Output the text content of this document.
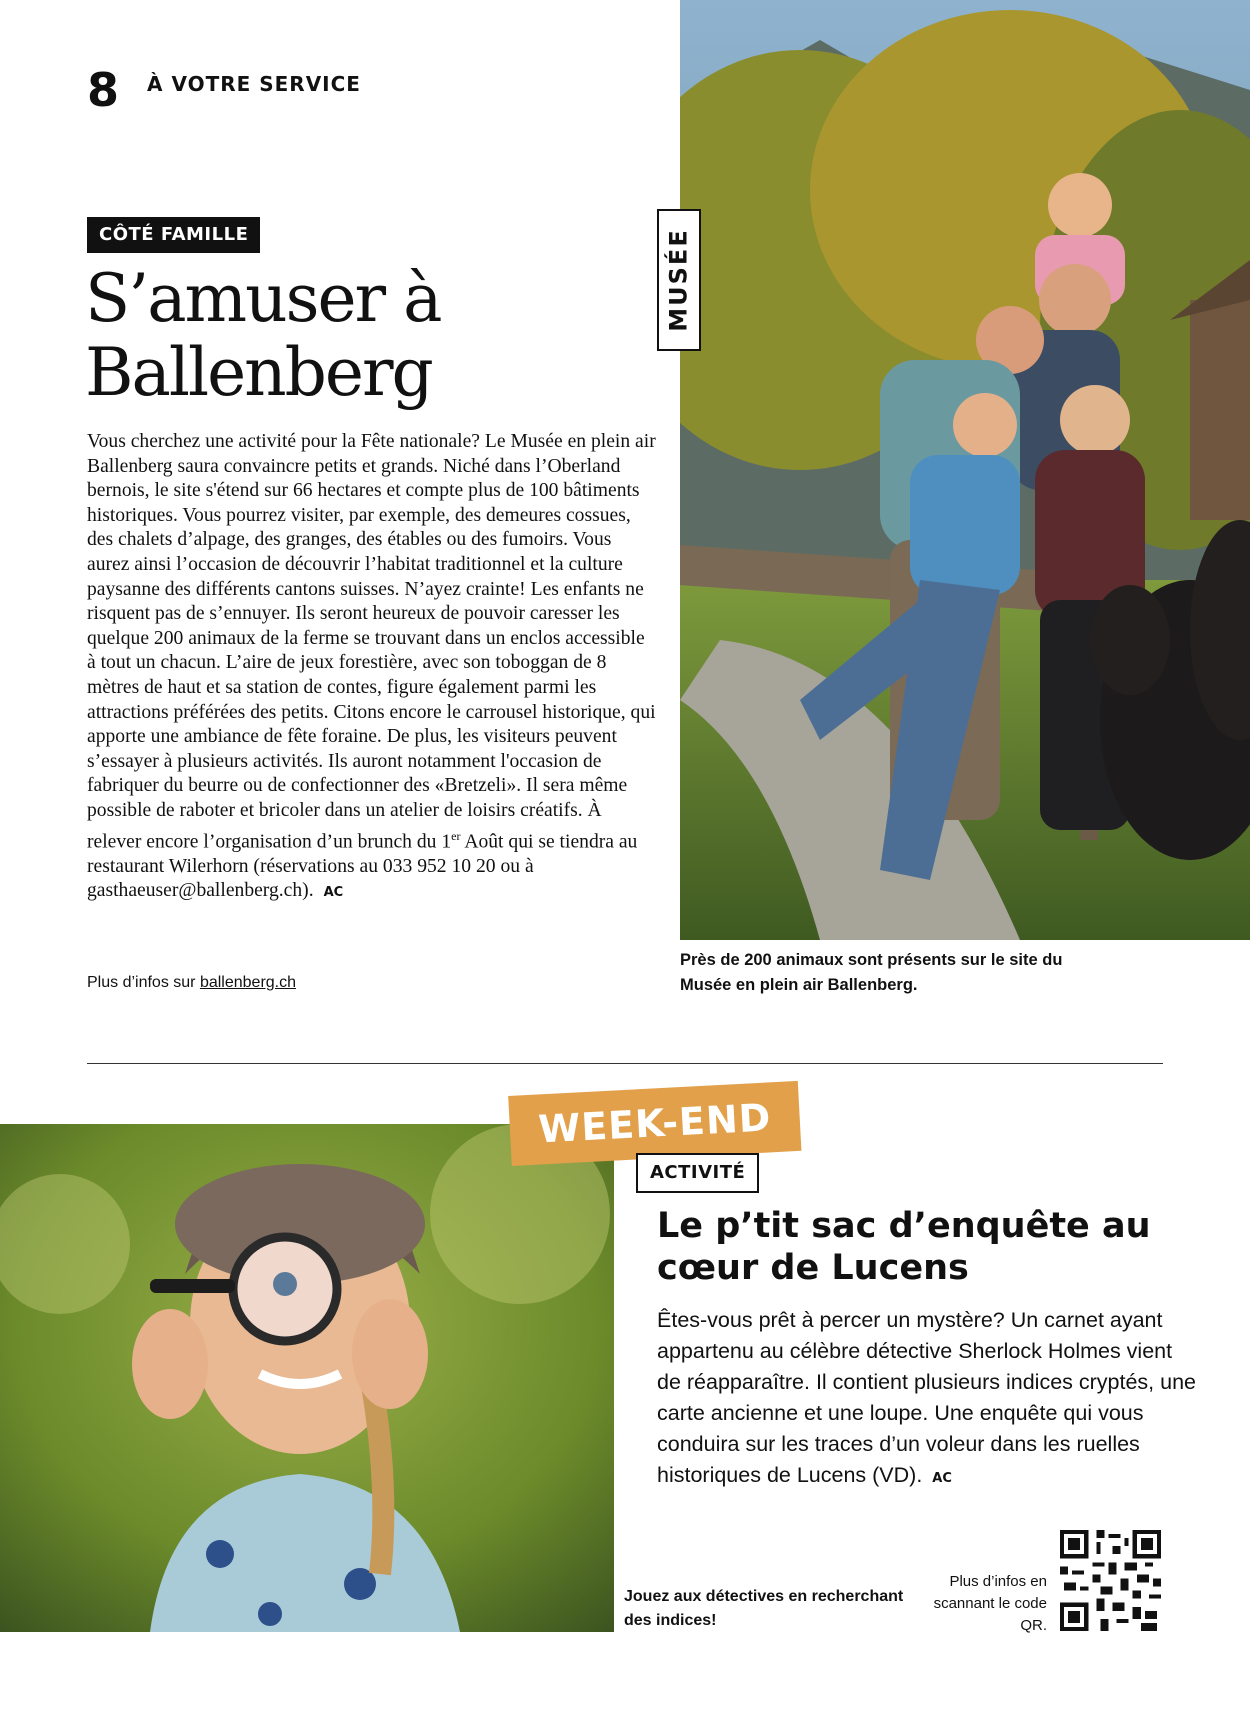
8 À VOTRE SERVICE
CÔTÉ FAMILLE
S’amuser à Ballenberg

Vous cherchez une activité pour la Fête nationale? Le Musée en plein air Ballenberg saura convaincre petits et grands. Niché dans l’Oberland bernois, le site s'étend sur 66 hectares et compte plus de 100 bâtiments historiques. Vous pourrez visiter, par exemple, des demeures cossues, des chalets d’alpage, des granges, des étables ou des fumoirs. Vous aurez ainsi l’occasion de découvrir l’habitat traditionnel et la culture paysanne des différents cantons suisses. N’ayez crainte! Les enfants ne risquent pas de s’ennuyer. Ils seront heureux de pouvoir caresser les quelque 200 animaux de la ferme se trouvant dans un enclos accessible à tout un chacun. L’aire de jeux forestière, avec son toboggan de 8 mètres de haut et sa station de contes, figure également parmi les attractions préférées des petits. Citons encore le carrousel historique, qui apporte une ambiance de fête foraine. De plus, les visiteurs peuvent s’essayer à plusieurs activités. Ils auront notamment l'occasion de fabriquer du beurre ou de confectionner des «Bretzeli». Il sera même possible de raboter et bricoler dans un atelier de loisirs créatifs. À relever encore l’organisation d’un brunch du 1er Août qui se tiendra au restaurant Wilerhorn (réservations au 033 952 10 20 ou à gasthaeuser@ballenberg.ch). AC

Plus d’infos sur ballenberg.ch
MUSÉE

Près de 200 animaux sont présents sur le site du Musée en plein air Ballenberg.

WEEK-END
ACTIVITÉ
Le p’tit sac d’enquête au cœur de Lucens

Êtes-vous prêt à percer un mystère? Un carnet ayant appartenu au célèbre détective Sherlock Holmes vient de réapparaître. Il contient plusieurs indices cryptés, une carte ancienne et une loupe. Une enquête qui vous conduira sur les traces d’un voleur dans les ruelles historiques de Lucens (VD). AC

Jouez aux détectives en recherchant des indices!

Plus d’infos en scannant le code QR.
